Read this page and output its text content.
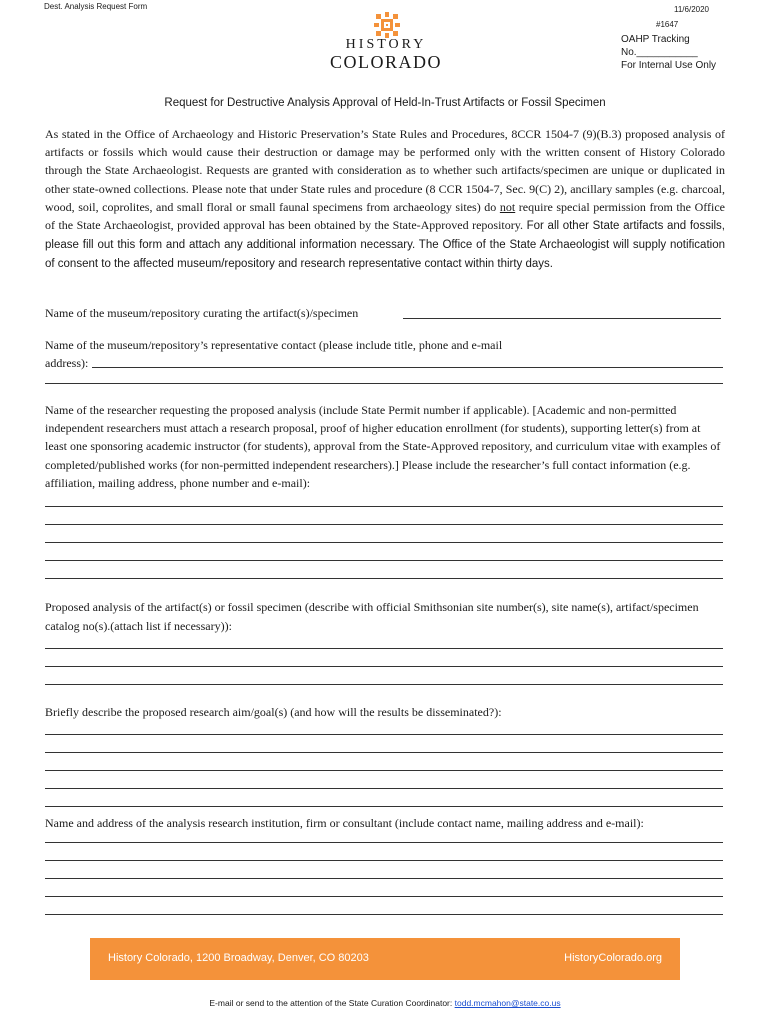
Dest. Analysis Request Form	11/6/2020
#1647
OAHP Tracking
No.___________
For Internal Use Only
HISTORY
COLORADO
Request for Destructive Analysis Approval of Held-In-Trust Artifacts or Fossil Specimen
As stated in the Office of Archaeology and Historic Preservation’s State Rules and Procedures, 8CCR 1504-7 (9)(B.3) proposed analysis of artifacts or fossils which would cause their destruction or damage may be performed only with the written consent of History Colorado through the State Archaeologist. Requests are granted with consideration as to whether such artifacts/specimen are unique or duplicated in other state-owned collections. Please note that under State rules and procedure (8 CCR 1504-7, Sec. 9(C) 2), ancillary samples (e.g. charcoal, wood, soil, coprolites, and small floral or small faunal specimens from archaeology sites) do not require special permission from the Office of the State Archaeologist, provided approval has been obtained by the State-Approved repository. For all other State artifacts and fossils, please fill out this form and attach any additional information necessary. The Office of the State Archaeologist will supply notification of consent to the affected museum/repository and research representative contact within thirty days.
Name of the museum/repository curating the artifact(s)/specimen
Name of the museum/repository’s representative contact (please include title, phone and e-mail
address):
Name of the researcher requesting the proposed analysis (include State Permit number if applicable). [Academic and non-permitted independent researchers must attach a research proposal, proof of higher education enrollment (for students), supporting letter(s) from at least one sponsoring academic instructor (for students), approval from the State-Approved repository, and curriculum vitae with examples of completed/published works (for non-permitted independent researchers).] Please include the researcher’s full contact information (e.g. affiliation, mailing address, phone number and e-mail):
Proposed analysis of the artifact(s) or fossil specimen (describe with official Smithsonian site number(s), site name(s), artifact/specimen catalog no(s).(attach list if necessary)):
Briefly describe the proposed research aim/goal(s) (and how will the results be disseminated?):
Name and address of the analysis research institution, firm or consultant (include contact name, mailing address and e-mail):
History Colorado, 1200 Broadway, Denver, CO 80203	HistoryColorado.org
E-mail or send to the attention of the State Curation Coordinator: todd.mcmahon@state.co.us
